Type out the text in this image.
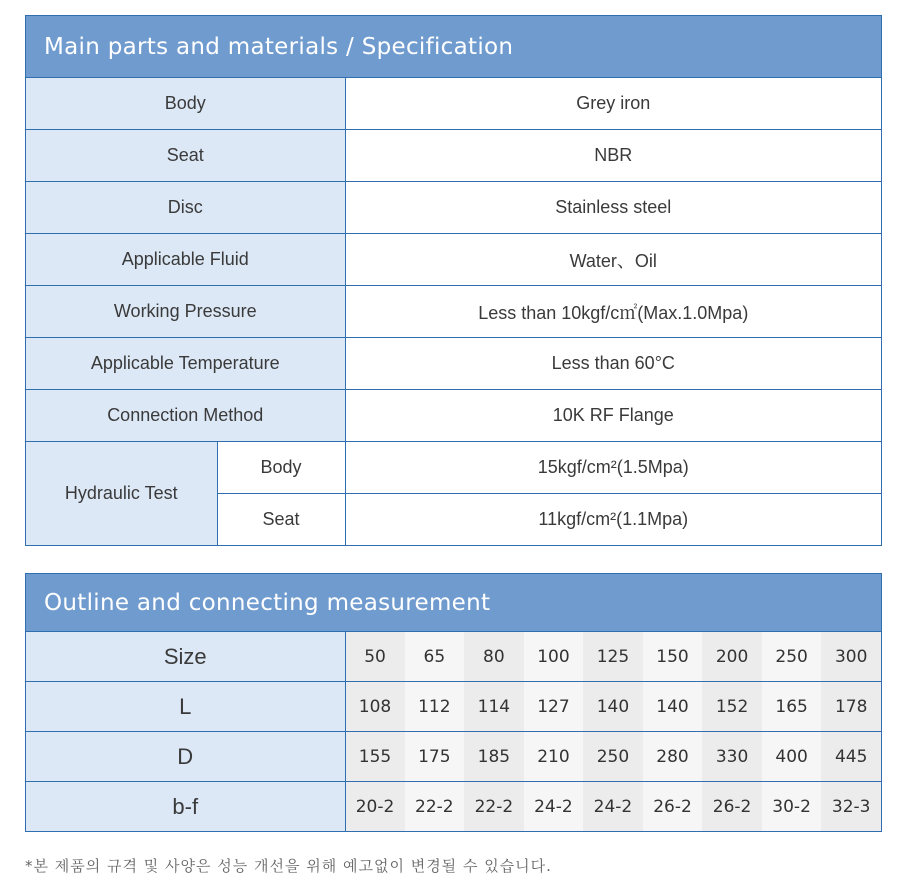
Main parts and materials / Specification
Body		Grey iron
Seat		NBR
Disc		Stainless steel
Applicable Fluid		Water、Oil
Working Pressure		Less than 10kgf/c㎡(Max.1.0Mpa)
Applicable Temperature		Less than 60°C
Connection Method		10K RF Flange
Hydraulic Test	Body	15kgf/cm²(1.5Mpa)
	Seat	11kgf/cm²(1.1Mpa)
Outline and connecting measurement
Size	50	65	80	100	125	150	200	250	300
L	108	112	114	127	140	140	152	165	178
D	155	175	185	210	250	280	330	400	445
b-f	20-2	22-2	22-2	24-2	24-2	26-2	26-2	30-2	32-3
*본 제품의 규격 및 사양은 성능 개선을 위해 예고없이 변경될 수 있습니다.
